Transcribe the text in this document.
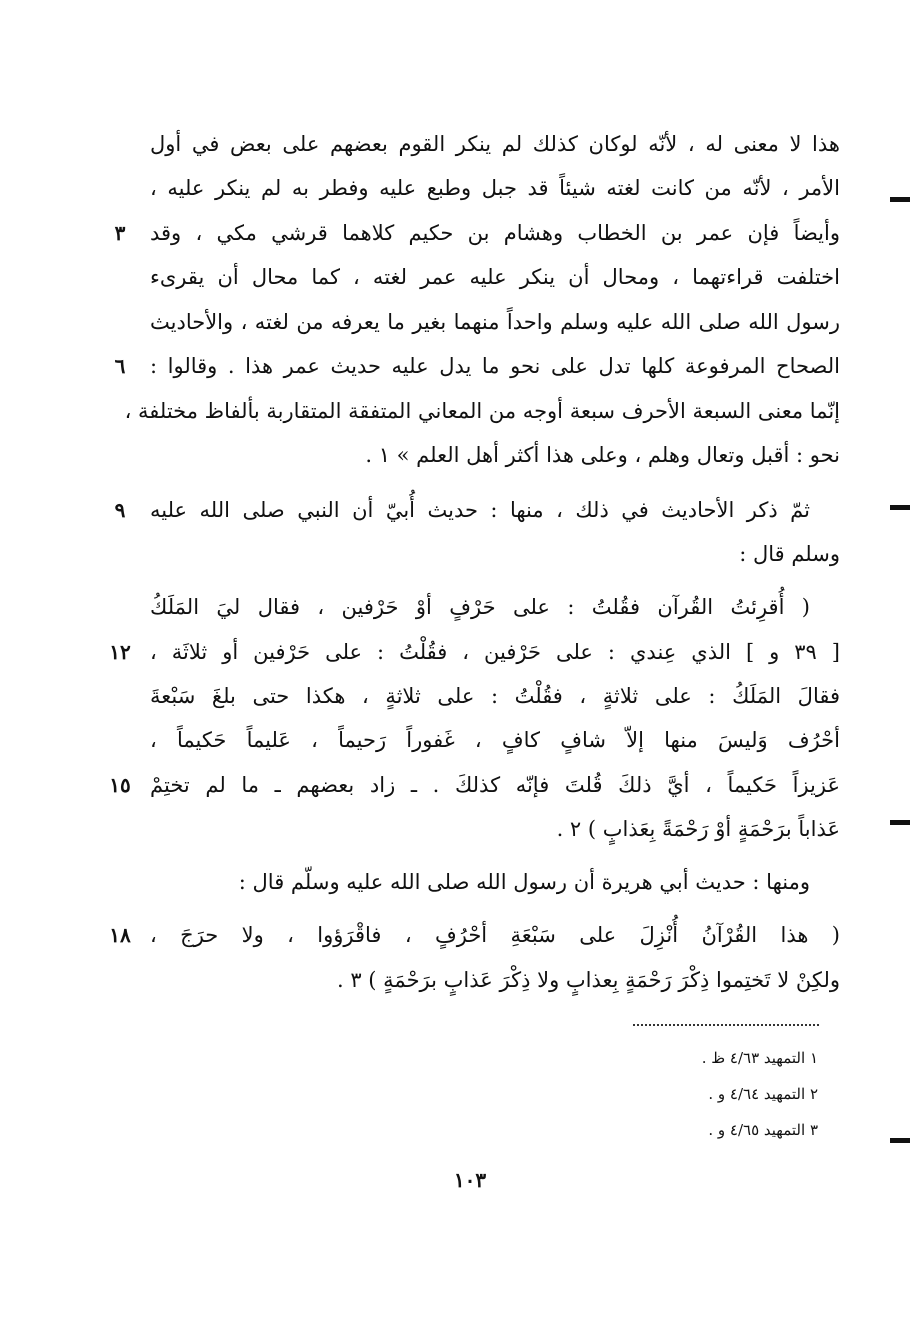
هذا لا معنى له ، لأنّه لوكان كذلك لم ينكر القوم بعضهم على بعض في أول
الأمر ، لأنّه من كانت لغته شيئاً قد جبل وطبع عليه وفطر به لم ينكر عليه ،
وأيضاً فإن عمر بن الخطاب وهشام بن حكيم كلاهما قرشي مكي ، وقد
اختلفت قراءتهما ، ومحال أن ينكر عليه عمر لغته ، كما محال أن يقرىء
رسول الله صلى الله عليه وسلم واحداً منهما بغير ما يعرفه من لغته ، والأحاديث
الصحاح المرفوعة كلها تدل على نحو ما يدل عليه حديث عمر هذا . وقالوا :
إنّما معنى السبعة الأحرف سبعة أوجه من المعاني المتفقة المتقاربة بألفاظ مختلفة ،
نحو : أقبل وتعال وهلم ، وعلى هذا أكثر أهل العلم » ١ .
ثمّ ذكر الأحاديث في ذلك ، منها : حديث أُبيّ أن النبي صلى الله عليه
وسلم قال :
( أُقرِئتُ القُرآن فقُلتُ : على حَرْفٍ أوْ حَرْفين ، فقال ليَ المَلَكُ
[ ٣٩ و ] الذي عِندي : على حَرْفين ، فقُلْتُ : على حَرْفين أو ثلاثَة ،
فقالَ المَلَكُ : على ثلاثةٍ ، فقُلْتُ : على ثلاثةٍ ، هكذا حتى بلغَ سَبْعةَ
أحْرُف وَليسَ منها إلاّ شافٍ كافٍ ، غَفوراً رَحيماً ، عَليماً حَكيماً ،
عَزيزاً حَكيماً ، أيَّ ذلكَ قُلتَ فإنّه كذلكَ . ـ زاد بعضهم ـ ما لم تختِمْ
عَذاباً برَحْمَةٍ أوْ رَحْمَةً بِعَذابٍ ) ٢ .
ومنها : حديث أبي هريرة أن رسول الله صلى الله عليه وسلّم قال :
( هذا القُرْآنُ أُنْزِلَ على سَبْعَةِ أحْرُفٍ ، فاقْرَؤوا ، ولا حرَجَ ،
ولكِنْ لا تَختِموا ذِكْرَ رَحْمَةٍ بِعذابٍ ولا ذِكْرَ عَذابٍ برَحْمَةٍ ) ٣ .
٣
٦
٩
١٢
١٥
١٨
١ التمهيد ٤/٦٣ ظ .
٢ التمهيد ٤/٦٤ و .
٣ التمهيد ٤/٦٥ و .
١٠٣
